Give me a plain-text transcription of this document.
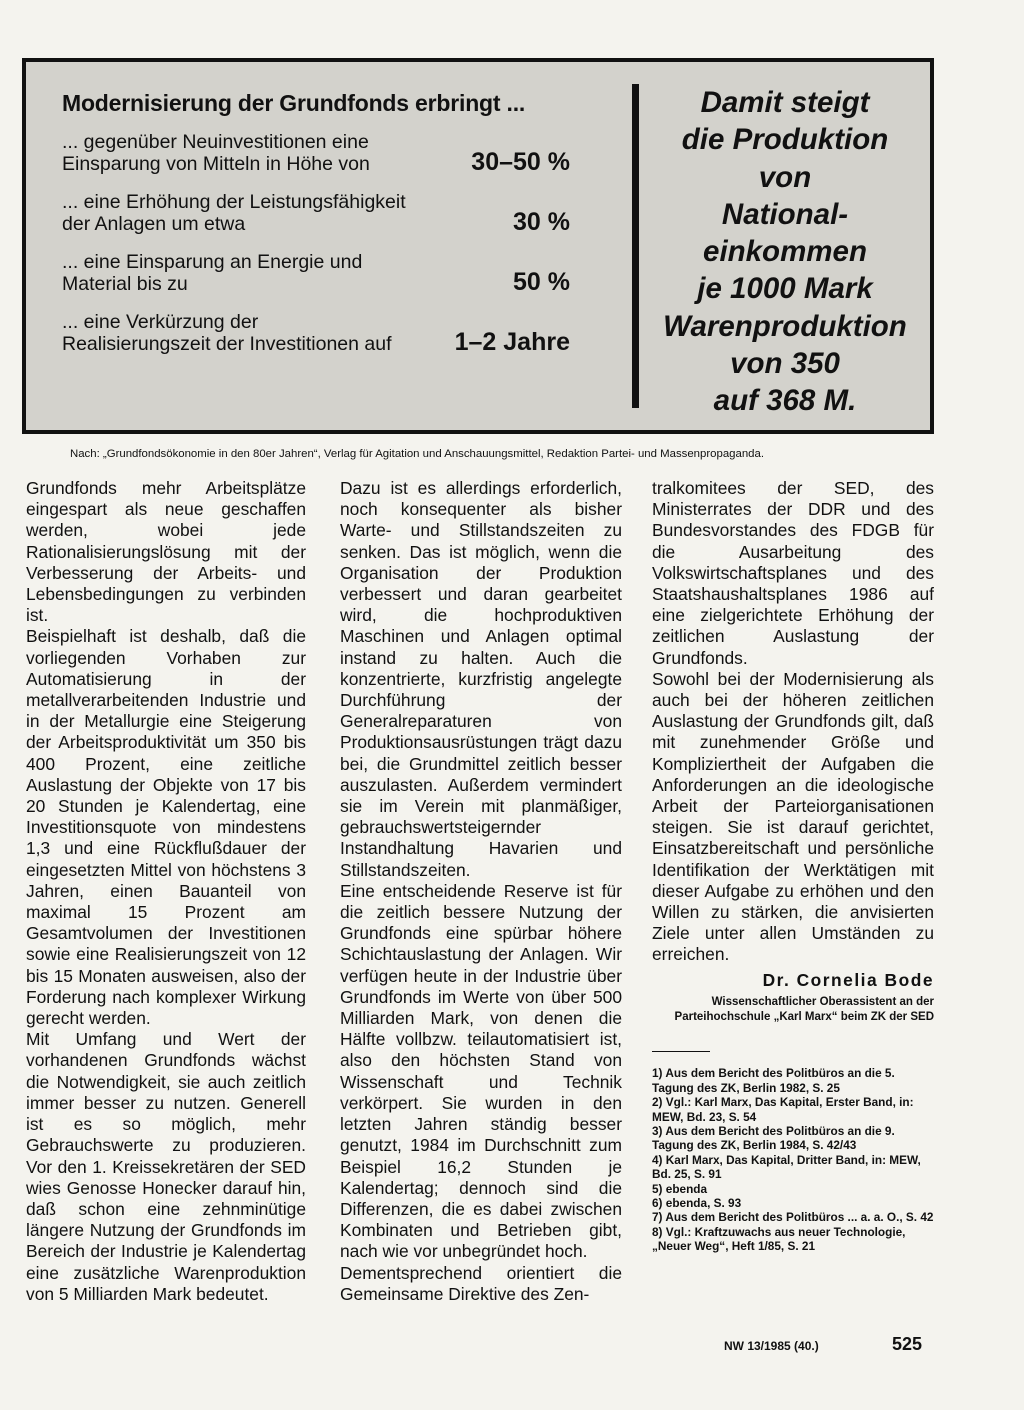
Modernisierung der Grundfonds erbringt ...
... gegenüber Neuinvestitionen eine Einsparung von Mitteln in Höhe von	30–50 %
... eine Erhöhung der Leistungsfähigkeit der Anlagen um etwa	30 %
... eine Einsparung an Energie und Material bis zu	50 %
... eine Verkürzung der Realisierungszeit der Investitionen auf	1–2 Jahre
Damit steigt
die Produktion
von
National-
einkommen
je 1000 Mark
Warenproduktion
von 350
auf 368 M.
Nach: „Grundfondsökonomie in den 80er Jahren“, Verlag für Agitation und Anschauungsmittel, Redaktion Partei- und Massenpropaganda.

Grundfonds mehr Arbeitsplätze eingespart als neue geschaffen werden, wobei jede Rationalisierungslösung mit der Verbesserung der Arbeits- und Lebensbedingungen zu verbinden ist.

Beispielhaft ist deshalb, daß die vorliegenden Vorhaben zur Automatisierung in der metallverarbeitenden Industrie und in der Metallurgie eine Steigerung der Arbeitsproduktivität um 350 bis 400 Prozent, eine zeitliche Auslastung der Objekte von 17 bis 20 Stunden je Kalendertag, eine Investitionsquote von mindestens 1,3 und eine Rückflußdauer der eingesetzten Mittel von höchstens 3 Jahren, einen Bauanteil von maximal 15 Prozent am Gesamtvolumen der Investitionen sowie eine Realisierungszeit von 12 bis 15 Monaten ausweisen, also der Forderung nach komplexer Wirkung gerecht werden.

Mit Umfang und Wert der vorhandenen Grundfonds wächst die Notwendigkeit, sie auch zeitlich immer besser zu nutzen. Generell ist es so möglich, mehr Gebrauchswerte zu produzieren. Vor den 1. Kreissekretären der SED wies Genosse Honecker darauf hin, daß schon eine zehnminütige längere Nutzung der Grundfonds im Bereich der Industrie je Kalendertag eine zusätzliche Warenproduktion von 5 Milliarden Mark bedeutet.

Dazu ist es allerdings erforderlich, noch konsequenter als bisher Warte- und Stillstandszeiten zu senken. Das ist möglich, wenn die Organisation der Produktion verbessert und daran gearbeitet wird, die hochproduktiven Maschinen und Anlagen optimal instand zu halten. Auch die konzentrierte, kurzfristig angelegte Durchführung der Generalreparaturen von Produktionsausrüstungen trägt dazu bei, die Grundmittel zeitlich besser auszulasten. Außerdem vermindert sie im Verein mit planmäßiger, gebrauchswertsteigernder Instandhaltung Havarien und Stillstandszeiten.

Eine entscheidende Reserve ist für die zeitlich bessere Nutzung der Grundfonds eine spürbar höhere Schichtauslastung der Anlagen. Wir verfügen heute in der Industrie über Grundfonds im Werte von über 500 Milliarden Mark, von denen die Hälfte vollbzw. teilautomatisiert ist, also den höchsten Stand von Wissenschaft und Technik verkörpert. Sie wurden in den letzten Jahren ständig besser genutzt, 1984 im Durchschnitt zum Beispiel 16,2 Stunden je Kalendertag; dennoch sind die Differenzen, die es dabei zwischen Kombinaten und Betrieben gibt, nach wie vor unbegründet hoch.

Dementsprechend orientiert die Gemeinsame Direktive des Zen-

tralkomitees der SED, des Ministerrates der DDR und des Bundesvorstandes des FDGB für die Ausarbeitung des Volkswirtschaftsplanes und des Staatshaushaltsplanes 1986 auf eine zielgerichtete Erhöhung der zeitlichen Auslastung der Grundfonds.

Sowohl bei der Modernisierung als auch bei der höheren zeitlichen Auslastung der Grundfonds gilt, daß mit zunehmender Größe und Kompliziertheit der Aufgaben die Anforderungen an die ideologische Arbeit der Parteiorganisationen steigen. Sie ist darauf gerichtet, Einsatzbereitschaft und persönliche Identifikation der Werktätigen mit dieser Aufgabe zu erhöhen und den Willen zu stärken, die anvisierten Ziele unter allen Umständen zu erreichen.

Dr. Cornelia Bode
Wissenschaftlicher Oberassistent an der Parteihochschule „Karl Marx“ beim ZK der SED

1) Aus dem Bericht des Politbüros an die 5. Tagung des ZK, Berlin 1982, S. 25

2) Vgl.: Karl Marx, Das Kapital, Erster Band, in: MEW, Bd. 23, S. 54

3) Aus dem Bericht des Politbüros an die 9. Tagung des ZK, Berlin 1984, S. 42/43

4) Karl Marx, Das Kapital, Dritter Band, in: MEW, Bd. 25, S. 91

5) ebenda

6) ebenda, S. 93

7) Aus dem Bericht des Politbüros ... a. a. O., S. 42

8) Vgl.: Kraftzuwachs aus neuer Technologie, „Neuer Weg“, Heft 1/85, S. 21

NW 13/1985 (40.)	525
